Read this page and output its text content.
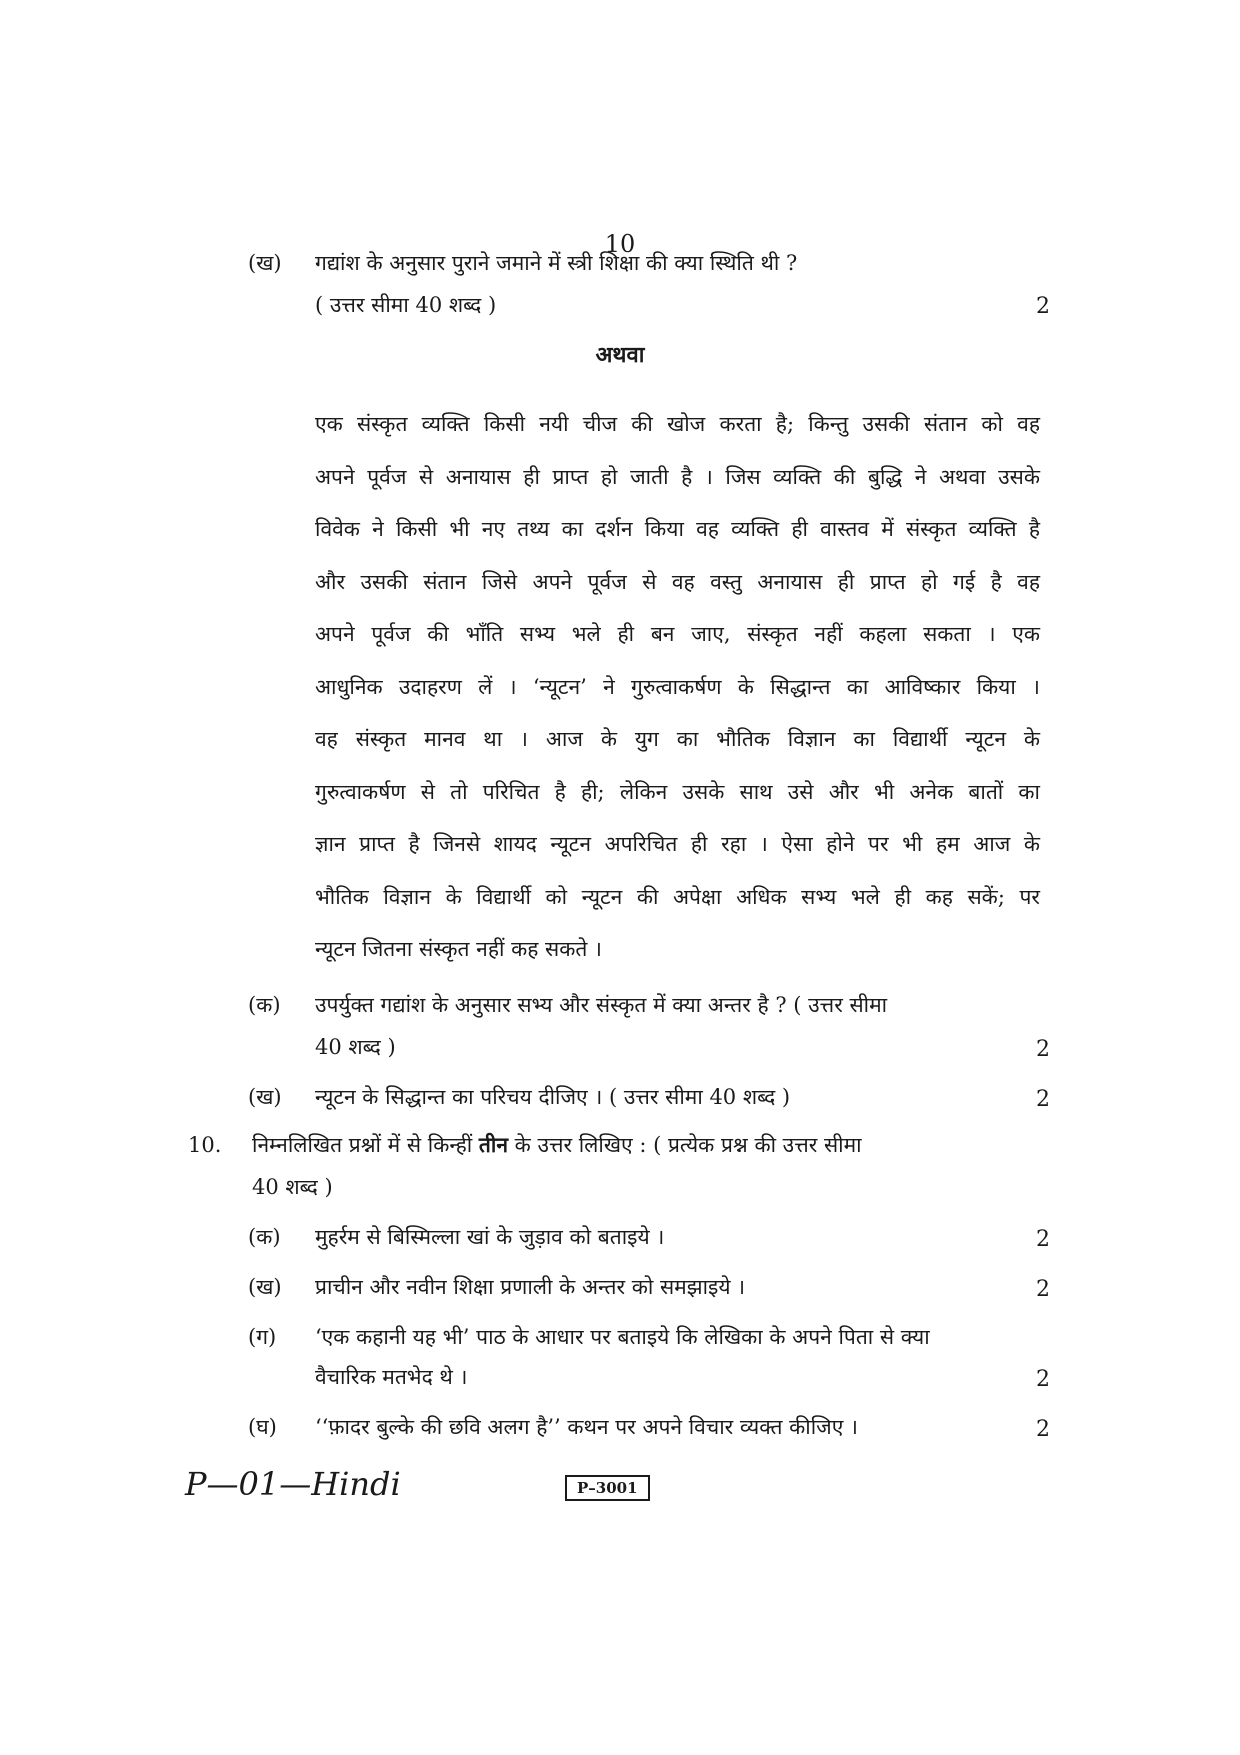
10
(ख) गद्यांश के अनुसार पुराने जमाने में स्त्री शिक्षा की क्या स्थिति थी ?
( उत्तर सीमा 40 शब्द )	2
अथवा
एक संस्कृत व्यक्ति किसी नयी चीज की खोज करता है; किन्तु उसकी संतान को वह
अपने पूर्वज से अनायास ही प्राप्त हो जाती है । जिस व्यक्ति की बुद्धि ने अथवा उसके
विवेक ने किसी भी नए तथ्य का दर्शन किया वह व्यक्ति ही वास्तव में संस्कृत व्यक्ति है
और उसकी संतान जिसे अपने पूर्वज से वह वस्तु अनायास ही प्राप्त हो गई है वह
अपने पूर्वज की भाँति सभ्य भले ही बन जाए, संस्कृत नहीं कहला सकता । एक
आधुनिक उदाहरण लें । ‘न्यूटन’ ने गुरुत्वाकर्षण के सिद्धान्त का आविष्कार किया ।
वह संस्कृत मानव था । आज के युग का भौतिक विज्ञान का विद्यार्थी न्यूटन के
गुरुत्वाकर्षण से तो परिचित है ही; लेकिन उसके साथ उसे और भी अनेक बातों का
ज्ञान प्राप्त है जिनसे शायद न्यूटन अपरिचित ही रहा । ऐसा होने पर भी हम आज के
भौतिक विज्ञान के विद्यार्थी को न्यूटन की अपेक्षा अधिक सभ्य भले ही कह सकें; पर
न्यूटन जितना संस्कृत नहीं कह सकते ।
(क) उपर्युक्त गद्यांश के अनुसार सभ्य और संस्कृत में क्या अन्तर है ? ( उत्तर सीमा
40 शब्द )	2
(ख) न्यूटन के सिद्धान्त का परिचय दीजिए । ( उत्तर सीमा 40 शब्द )	2
10. निम्नलिखित प्रश्नों में से किन्हीं तीन के उत्तर लिखिए : ( प्रत्येक प्रश्न की उत्तर सीमा
40 शब्द )
(क) मुहर्रम से बिस्मिल्ला खां के जुड़ाव को बताइये ।	2
(ख) प्राचीन और नवीन शिक्षा प्रणाली के अन्तर को समझाइये ।	2
(ग) ‘एक कहानी यह भी’ पाठ के आधार पर बताइये कि लेखिका के अपने पिता से क्या
वैचारिक मतभेद थे ।	2
(घ) ‘‘फ़ादर बुल्के की छवि अलग है’’ कथन पर अपने विचार व्यक्त कीजिए ।	2
P—01—Hindi	P–3001
